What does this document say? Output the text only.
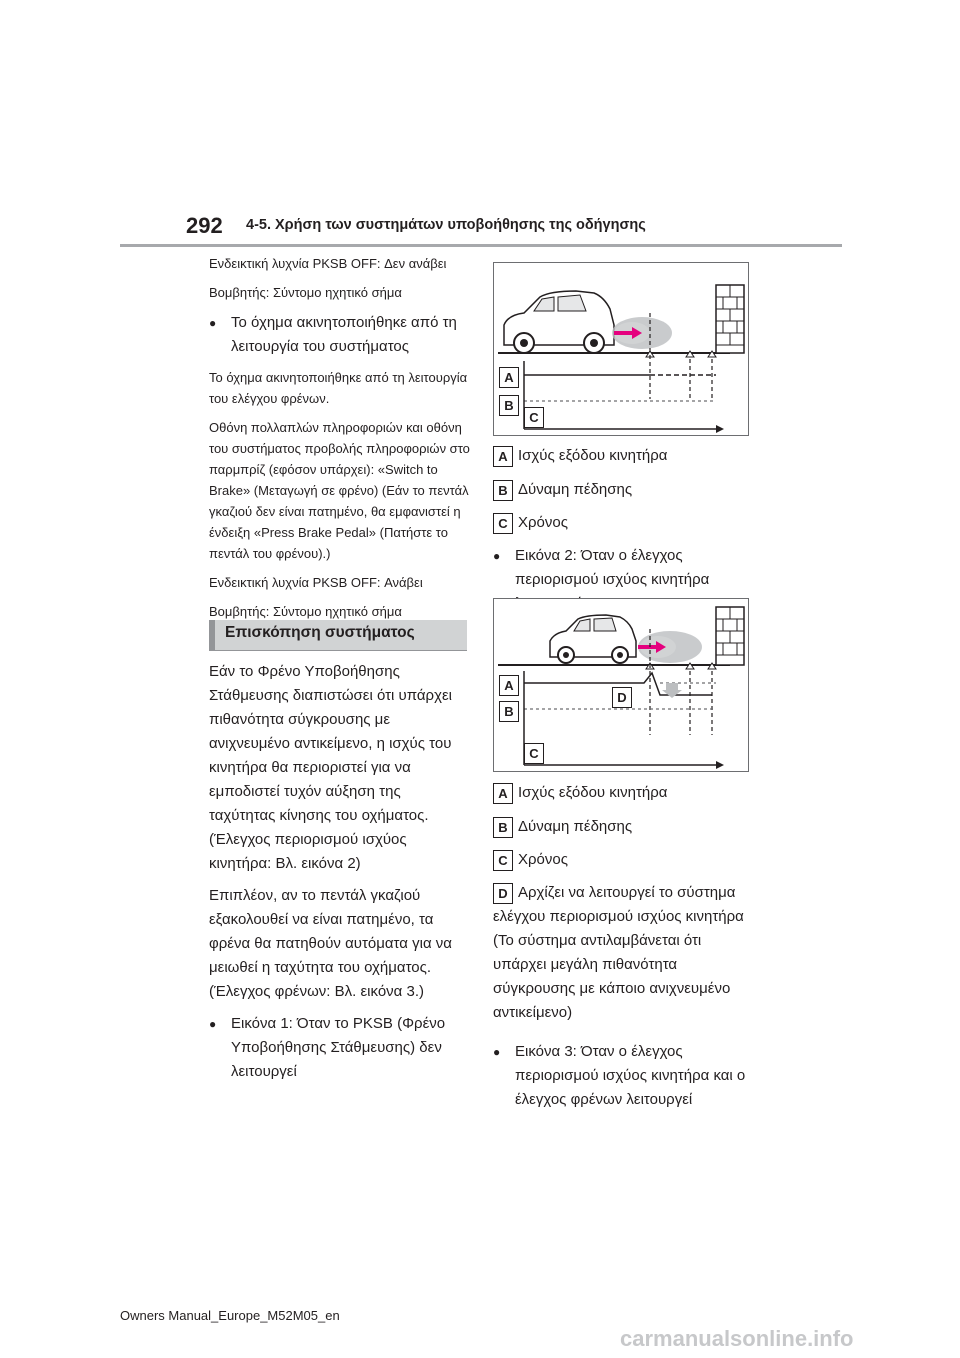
292 4-5. Χρήση των συστημάτων υποβοήθησης της οδήγησης

Ενδεικτική λυχνία PKSB OFF: Δεν ανάβει

Βομβητής: Σύντομο ηχητικό σήμα

● Το όχημα ακινητοποιήθηκε από τη λειτουργία του συστήματος

Το όχημα ακινητοποιήθηκε από τη λειτουργία του ελέγχου φρένων.

Οθόνη πολλαπλών πληροφοριών και οθόνη του συστήματος προβολής πληροφοριών στο παρμπρίζ (εφόσον υπάρχει): «Switch to Brake» (Μεταγωγή σε φρένο) (Εάν το πεντάλ γκαζιού δεν είναι πατημένο, θα εμφανιστεί η ένδειξη «Press Brake Pedal» (Πατήστε το πεντάλ του φρένου).)

Ενδεικτική λυχνία PKSB OFF: Ανάβει

Βομβητής: Σύντομο ηχητικό σήμα

Επισκόπηση συστήματος

Εάν το Φρένο Υποβοήθησης Στάθμευσης διαπιστώσει ότι υπάρχει πιθανότητα σύγκρουσης με ανιχνευμένο αντικείμενο, η ισχύς του κινητήρα θα περιοριστεί για να εμποδιστεί τυχόν αύξηση της ταχύτητας κίνησης του οχήματος. (Έλεγχος περιορισμού ισχύος κινητήρα: Βλ. εικόνα 2)

Επιπλέον, αν το πεντάλ γκαζιού εξακολουθεί να είναι πατημένο, τα φρένα θα πατηθούν αυτόματα για να μειωθεί η ταχύτητα του οχήματος. (Έλεγχος φρένων: Βλ. εικόνα 3.)

● Εικόνα 1: Όταν το PKSB (Φρένο Υποβοήθησης Στάθμευσης) δεν λειτουργεί

A
B
C
A Ισχύς εξόδου κινητήρα
B Δύναμη πέδησης
C Χρόνος

● Εικόνα 2: Όταν ο έλεγχος περιορισμού ισχύος κινητήρα

A
B
C
D
A Ισχύς εξόδου κινητήρα
B Δύναμη πέδησης
C Χρόνος

D Αρχίζει να λειτουργεί το σύστημα ελέγχου περιορισμού ισχύος κινητήρα (Το σύστημα αντιλαμβάνεται ότι υπάρχει μεγάλη πιθανότητα σύγκρουσης με κάποιο ανιχνευμένο αντικείμενο)

● Εικόνα 3: Όταν ο έλεγχος περιορισμού ισχύος κινητήρα και ο έλεγχος φρένων λειτουργεί

Owners Manual_Europe_M52M05_en
carmanualsonline.info
